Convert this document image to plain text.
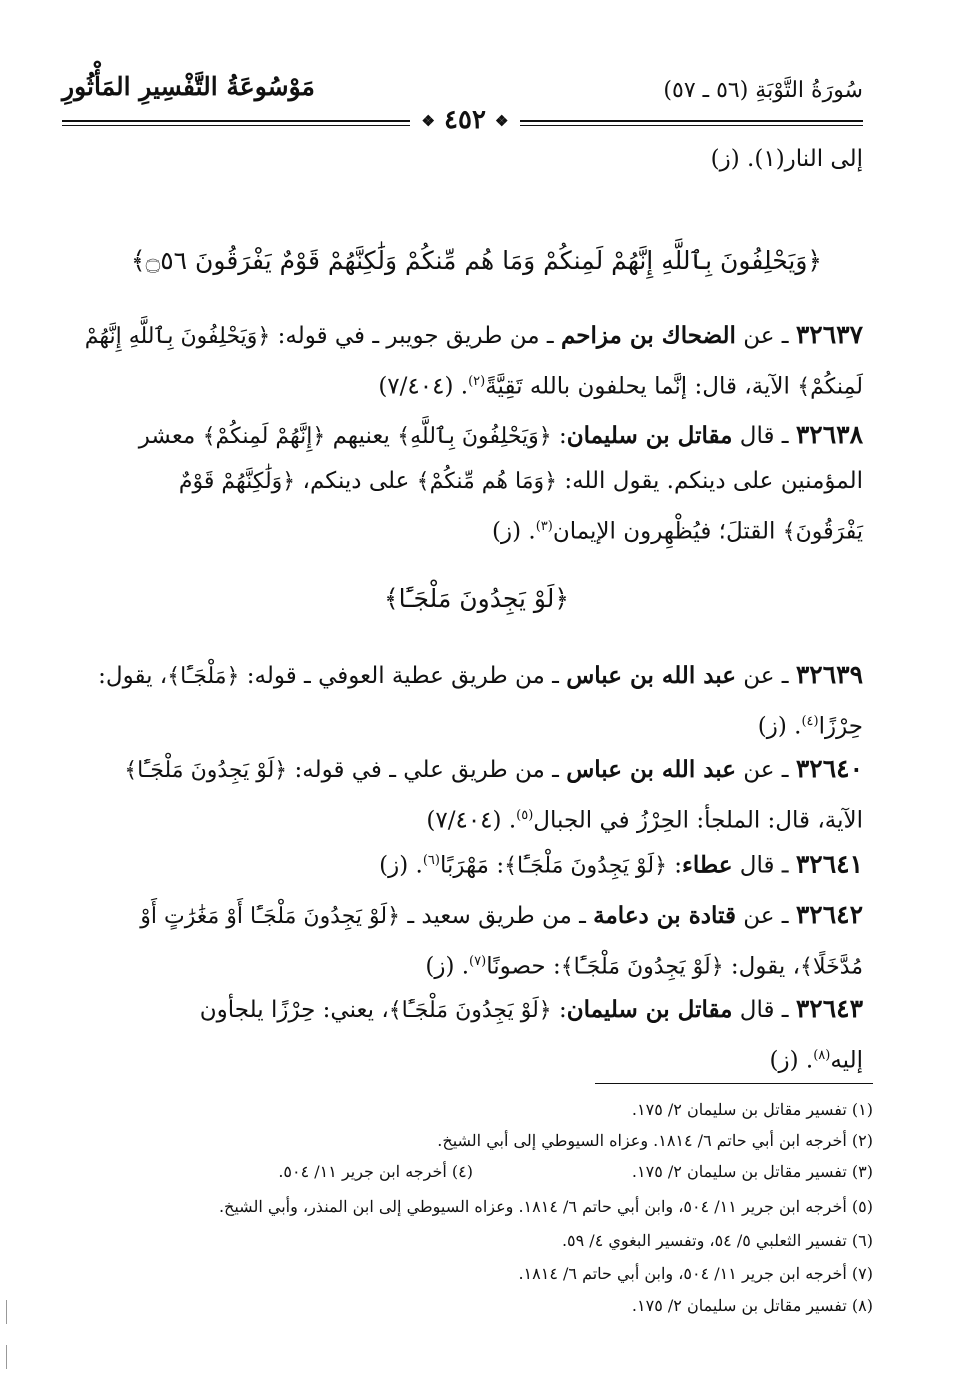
سُورَةُ التَّوْبَةِ (٥٦ ـ ٥٧)
مَوْسُوعَةُ التَّفْسِيرِ المَأْثُورِ
❖ ٤٥٢ ❖
إلى النار(١). (ز)
﴿وَيَحْلِفُونَ بِٱللَّهِ إِنَّهُمْ لَمِنكُمْ وَمَا هُم مِّنكُمْ وَلَٰكِنَّهُمْ قَوْمٌ يَفْرَقُونَ ۝٥٦﴾
٣٢٦٣٧ ـ عن الضحاك بن مزاحم ـ من طريق جويبر ـ في قوله: ﴿وَيَحْلِفُونَ بِٱللَّهِ إِنَّهُمْ
لَمِنكُمْ﴾ الآية، قال: إنَّما يحلفون بالله تَقِيَّةً$^{(٢)}$. (٧/٤٠٤)
٣٢٦٣٨ ـ قال مقاتل بن سليمان: ﴿وَيَحْلِفُونَ بِٱللَّهِ﴾ يعنيهم ﴿إِنَّهُمْ لَمِنكُمْ﴾ معشر
المؤمنين على دينكم. يقول الله: ﴿وَمَا هُم مِّنكُمْ﴾ على دينكم، ﴿وَلَٰكِنَّهُمْ قَوْمٌ
يَفْرَقُونَ﴾ القتلَ؛ فيُظْهِرون الإيمان$^{(٣)}$. (ز)
﴿لَوْ يَجِدُونَ مَلْجَـًٔا﴾
٣٢٦٣٩ ـ عن عبد الله بن عباس ـ من طريق عطية العوفي ـ قوله: ﴿مَلْجَـًٔا﴾، يقول:
حِرْزًا$^{(٤)}$. (ز)
٣٢٦٤٠ ـ عن عبد الله بن عباس ـ من طريق علي ـ في قوله: ﴿لَوْ يَجِدُونَ مَلْجَـًٔا﴾
الآية، قال: الملجأ: الحِرْزُ في الجبال$^{(٥)}$. (٧/٤٠٤)
٣٢٦٤١ ـ قال عطاء: ﴿لَوْ يَجِدُونَ مَلْجَـًٔا﴾: مَهْرَبًا$^{(٦)}$. (ز)
٣٢٦٤٢ ـ عن قتادة بن دعامة ـ من طريق سعيد ـ ﴿لَوْ يَجِدُونَ مَلْجَـًٔا أَوْ مَغَٰرَٰتٍ أَوْ
مُدَّخَلًا﴾، يقول: ﴿لَوْ يَجِدُونَ مَلْجَـًٔا﴾: حصونًا$^{(٧)}$. (ز)
٣٢٦٤٣ ـ قال مقاتل بن سليمان: ﴿لَوْ يَجِدُونَ مَلْجَـًٔا﴾، يعني: حِرْزًا يلجأون
إليه$^{(٨)}$. (ز)
(١) تفسير مقاتل بن سليمان ٢/ ١٧٥.
(٢) أخرجه ابن أبي حاتم ٦/ ١٨١٤. وعزاه السيوطي إلى أبي الشيخ.
(٣) تفسير مقاتل بن سليمان ٢/ ١٧٥.
(٤) أخرجه ابن جرير ١١/ ٥٠٤.
(٥) أخرجه ابن جرير ١١/ ٥٠٤، وابن أبي حاتم ٦/ ١٨١٤. وعزاه السيوطي إلى ابن المنذر، وأبي الشيخ.
(٦) تفسير الثعلبي ٥/ ٥٤، وتفسير البغوي ٤/ ٥٩.
(٧) أخرجه ابن جرير ١١/ ٥٠٤، وابن أبي حاتم ٦/ ١٨١٤.
(٨) تفسير مقاتل بن سليمان ٢/ ١٧٥.
